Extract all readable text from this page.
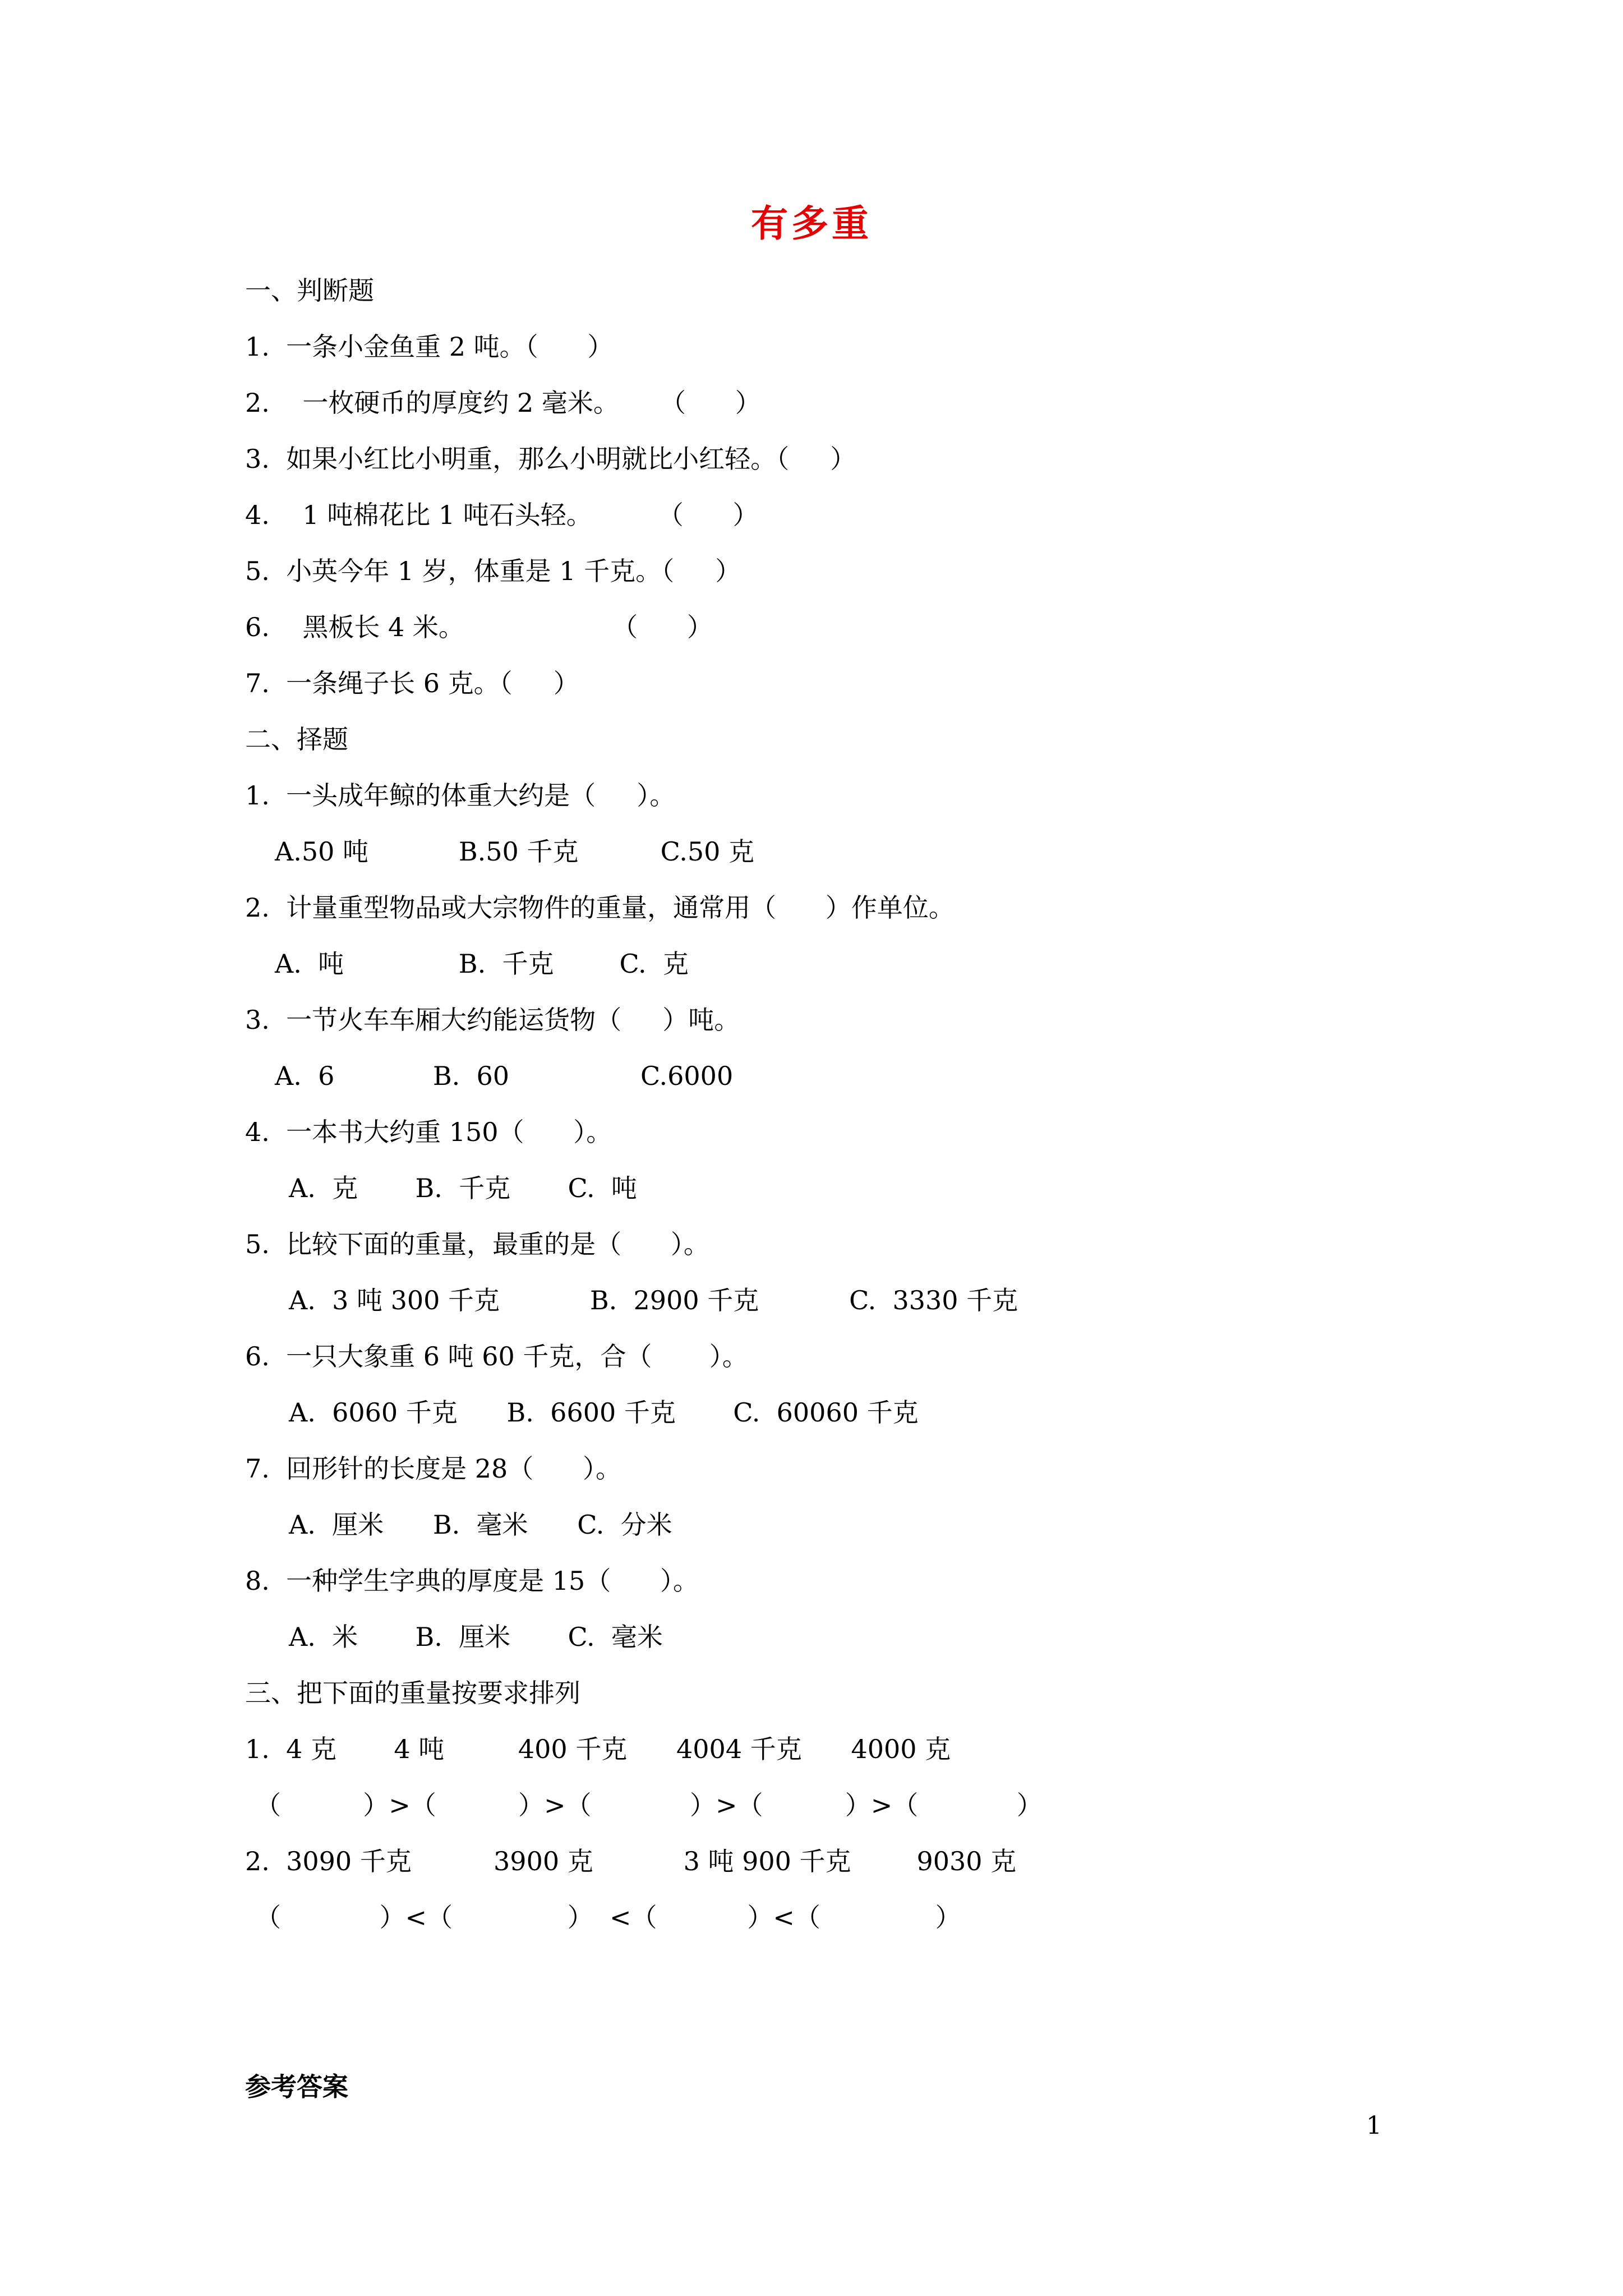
有多重
一、判断题
1.  一条小金鱼重 2 吨。（      ）
2.    一枚硬币的厚度约 2 毫米。     （      ）
3.  如果小红比小明重，那么小明就比小红轻。（     ）
4.    1 吨棉花比 1 吨石头轻。        （      ）
5.  小英今年 1 岁，体重是 1 千克。（     ）
6.    黑板长 4 米。                  （      ）
7.  一条绳子长 6 克。（     ）
二、择题
1.  一头成年鲸的体重大约是（     ）。
A.50 吨           B.50 千克          C.50 克
2.  计量重型物品或大宗物件的重量，通常用（      ）作单位。
A.  吨              B.  千克        C.  克
3.  一节火车车厢大约能运货物（     ）吨。
A.  6            B.  60                C.6000
4.  一本书大约重 150（      ）。
A.  克       B.  千克       C.  吨
5.  比较下面的重量，最重的是（      ）。
A.  3 吨 300 千克           B.  2900 千克           C.  3330 千克
6.  一只大象重 6 吨 60 千克，合（       ）。
A.  6060 千克      B.  6600 千克       C.  60060 千克
7.  回形针的长度是 28（      ）。
A.  厘米      B.  毫米      C.  分米
8.  一种学生字典的厚度是 15（      ）。
A.  米       B.  厘米       C.  毫米
三、把下面的重量按要求排列
1.  4 克       4 吨         400 千克      4004 千克      4000 克
（          ）>（          ）>（            ）>（          ）>（            ）
2.  3090 千克          3900 克           3 吨 900 千克        9030 克
（            ）<（              ）  <（           ）<（              ）
参考答案
1
